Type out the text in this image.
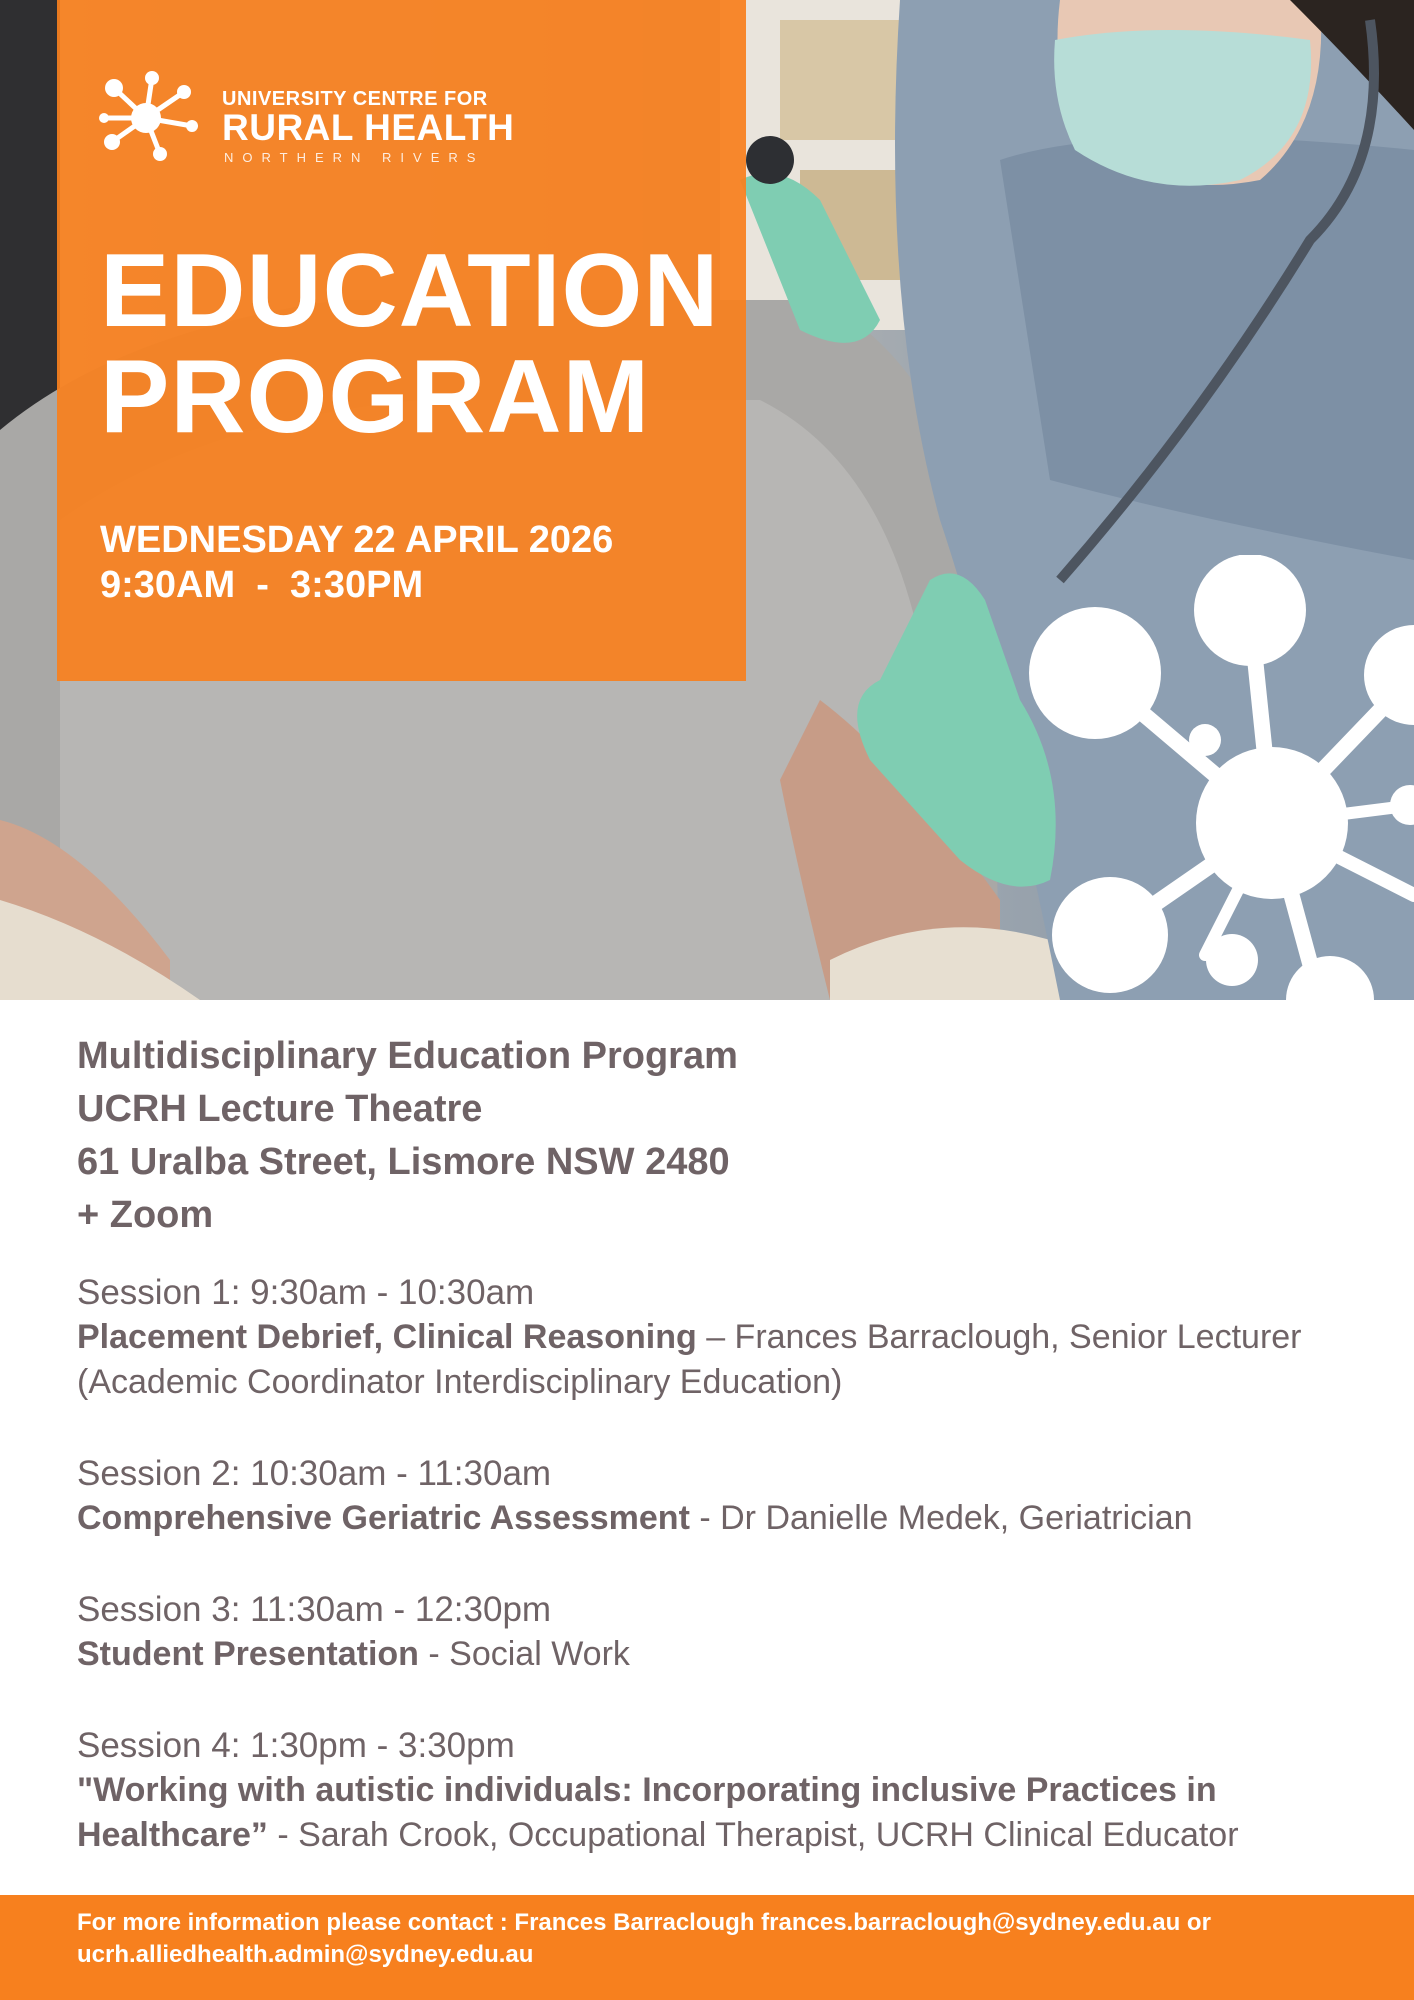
UNIVERSITY CENTRE FOR
RURAL HEALTH
NORTHERN RIVERS
EDUCATION
PROGRAM
WEDNESDAY 22 APRIL 2026
9:30AM  -  3:30PM
Multidisciplinary Education Program
UCRH Lecture Theatre
61 Uralba Street, Lismore NSW 2480
+ Zoom
Session 1: 9:30am - 10:30am
Placement Debrief, Clinical Reasoning – Frances Barraclough, Senior Lecturer (Academic Coordinator Interdisciplinary Education)
Session 2: 10:30am - 11:30am
Comprehensive Geriatric Assessment - Dr Danielle Medek, Geriatrician
Session 3: 11:30am - 12:30pm
Student Presentation - Social Work
Session 4: 1:30pm - 3:30pm
"Working with autistic individuals: Incorporating inclusive Practices in Healthcare” - Sarah Crook, Occupational Therapist, UCRH Clinical Educator
For more information please contact : Frances Barraclough frances.barraclough@sydney.edu.au or ucrh.alliedhealth.admin@sydney.edu.au
